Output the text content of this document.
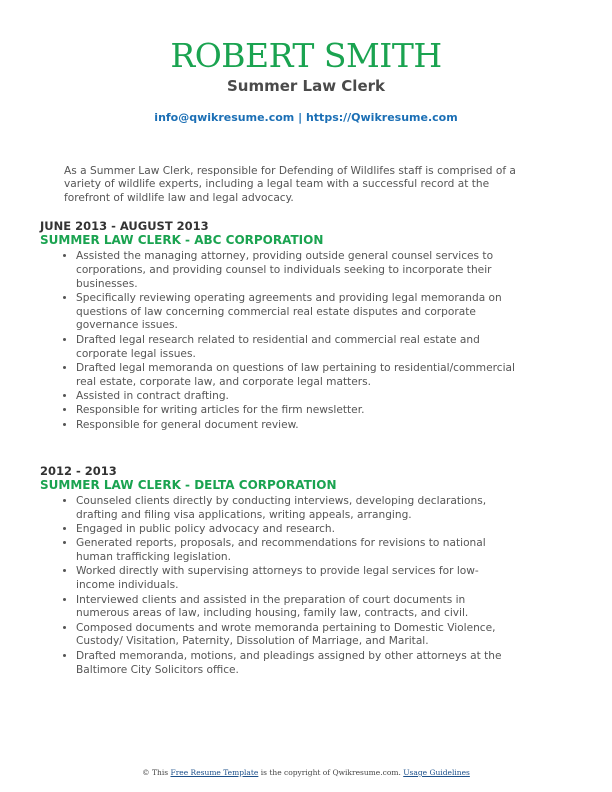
ROBERT SMITH
Summer Law Clerk
info@qwikresume.com | https://Qwikresume.com
As a Summer Law Clerk, responsible for Defending of Wildlifes staff is comprised of a variety of wildlife experts, including a legal team with a successful record at the forefront of wildlife law and legal advocacy.
JUNE 2013 - AUGUST 2013
SUMMER LAW CLERK - ABC CORPORATION
• Assisted the managing attorney, providing outside general counsel services to corporations, and providing counsel to individuals seeking to incorporate their businesses.
• Specifically reviewing operating agreements and providing legal memoranda on questions of law concerning commercial real estate disputes and corporate governance issues.
• Drafted legal research related to residential and commercial real estate and corporate legal issues.
• Drafted legal memoranda on questions of law pertaining to residential/commercial real estate, corporate law, and corporate legal matters.
• Assisted in contract drafting.
• Responsible for writing articles for the firm newsletter.
• Responsible for general document review.
2012 - 2013
SUMMER LAW CLERK - DELTA CORPORATION
• Counseled clients directly by conducting interviews, developing declarations, drafting and filing visa applications, writing appeals, arranging.
• Engaged in public policy advocacy and research.
• Generated reports, proposals, and recommendations for revisions to national human trafficking legislation.
• Worked directly with supervising attorneys to provide legal services for low-income individuals.
• Interviewed clients and assisted in the preparation of court documents in numerous areas of law, including housing, family law, contracts, and civil.
• Composed documents and wrote memoranda pertaining to Domestic Violence, Custody/ Visitation, Paternity, Dissolution of Marriage, and Marital.
• Drafted memoranda, motions, and pleadings assigned by other attorneys at the Baltimore City Solicitors office.
© This Free Resume Template is the copyright of Qwikresume.com. Usage Guidelines
